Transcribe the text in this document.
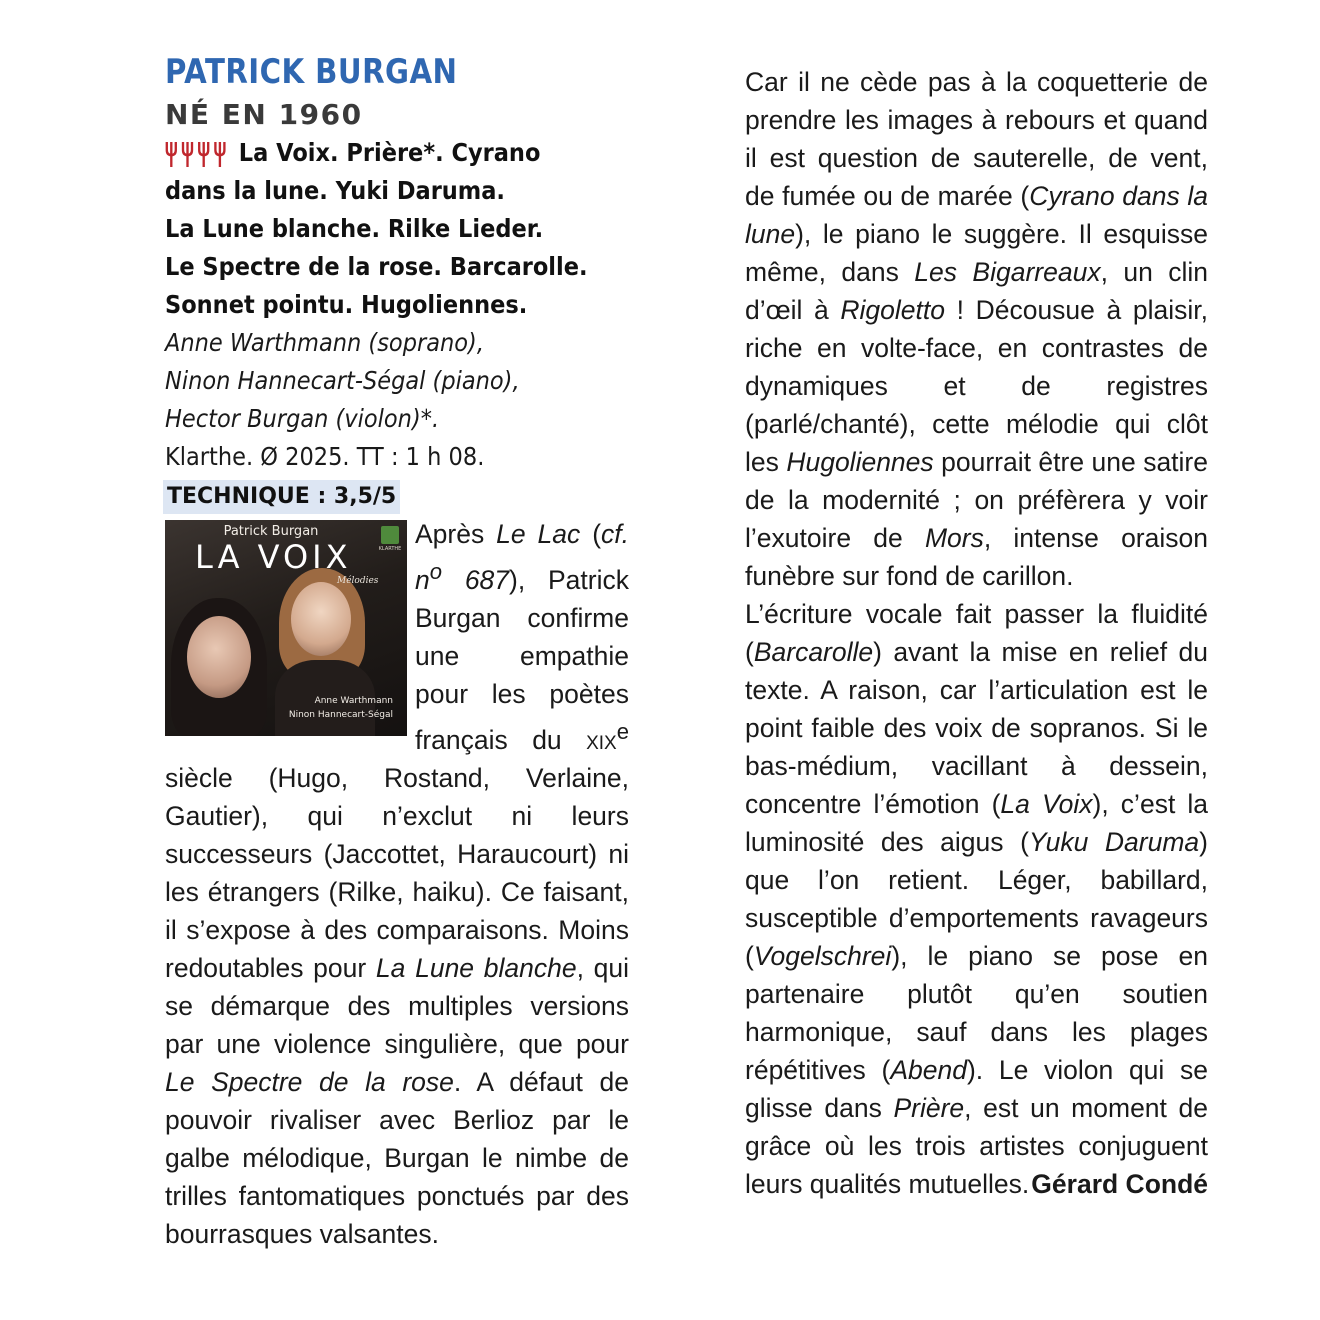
PATRICK BURGAN
NÉ EN 1960
La Voix. Prière*. Cyrano
dans la lune. Yuki Daruma.
La Lune blanche. Rilke Lieder.
Le Spectre de la rose. Barcarolle.
Sonnet pointu. Hugoliennes.
Anne Warthmann (soprano),
Ninon Hannecart-Ségal (piano),
Hector Burgan (violon)*.
Klarthe. Ø 2025. TT : 1 h 08.
TECHNIQUE : 3,5/5
Patrick Burgan
LA VOIX
Mélodies
KLARTHE
Anne Warthmann
Ninon Hannecart-Ségal

Après Le Lac (cf. $n^o$ 687), Patrick Burgan confirme une empathie pour les poètes français du xix$^e$ siècle (Hugo, Rostand, Verlaine, Gautier), qui n’exclut ni leurs successeurs (Jaccottet, Haraucourt) ni les étrangers (Rilke, haiku). Ce faisant, il s’expose à des comparaisons. Moins redoutables pour La Lune blanche, qui se démarque des multiples versions par une violence singulière, que pour Le Spectre de la rose. A défaut de pouvoir rivaliser avec Berlioz par le galbe mélodique, Burgan le nimbe de trilles fantomatiques ponctués par des bourrasques valsantes.

Car il ne cède pas à la coquetterie de prendre les images à rebours et quand il est question de sauterelle, de vent, de fumée ou de marée (Cyrano dans la lune), le piano le suggère. Il esquisse même, dans Les Bigarreaux, un clin d’œil à Rigoletto ! Décousue à plaisir, riche en volte-face, en contrastes de dynamiques et de registres (parlé/chanté), cette mélodie qui clôt les Hugoliennes pourrait être une satire de la modernité ; on préfèrera y voir l’exutoire de Mors, intense oraison funèbre sur fond de carillon.

L’écriture vocale fait passer la fluidité (Barcarolle) avant la mise en relief du texte. A raison, car l’articulation est le point faible des voix de sopranos. Si le bas-médium, vacillant à dessein, concentre l’émotion (La Voix), c’est la luminosité des aigus (Yuku Daruma) que l’on retient. Léger, babillard, susceptible d’emportements ravageurs (Vogelschrei), le piano se pose en partenaire plutôt qu’en soutien harmonique, sauf dans les plages répétitives (Abend). Le violon qui se glisse dans Prière, est un moment de grâce où les trois artistes conjuguent leurs qualités mutuelles. Gérard Condé
